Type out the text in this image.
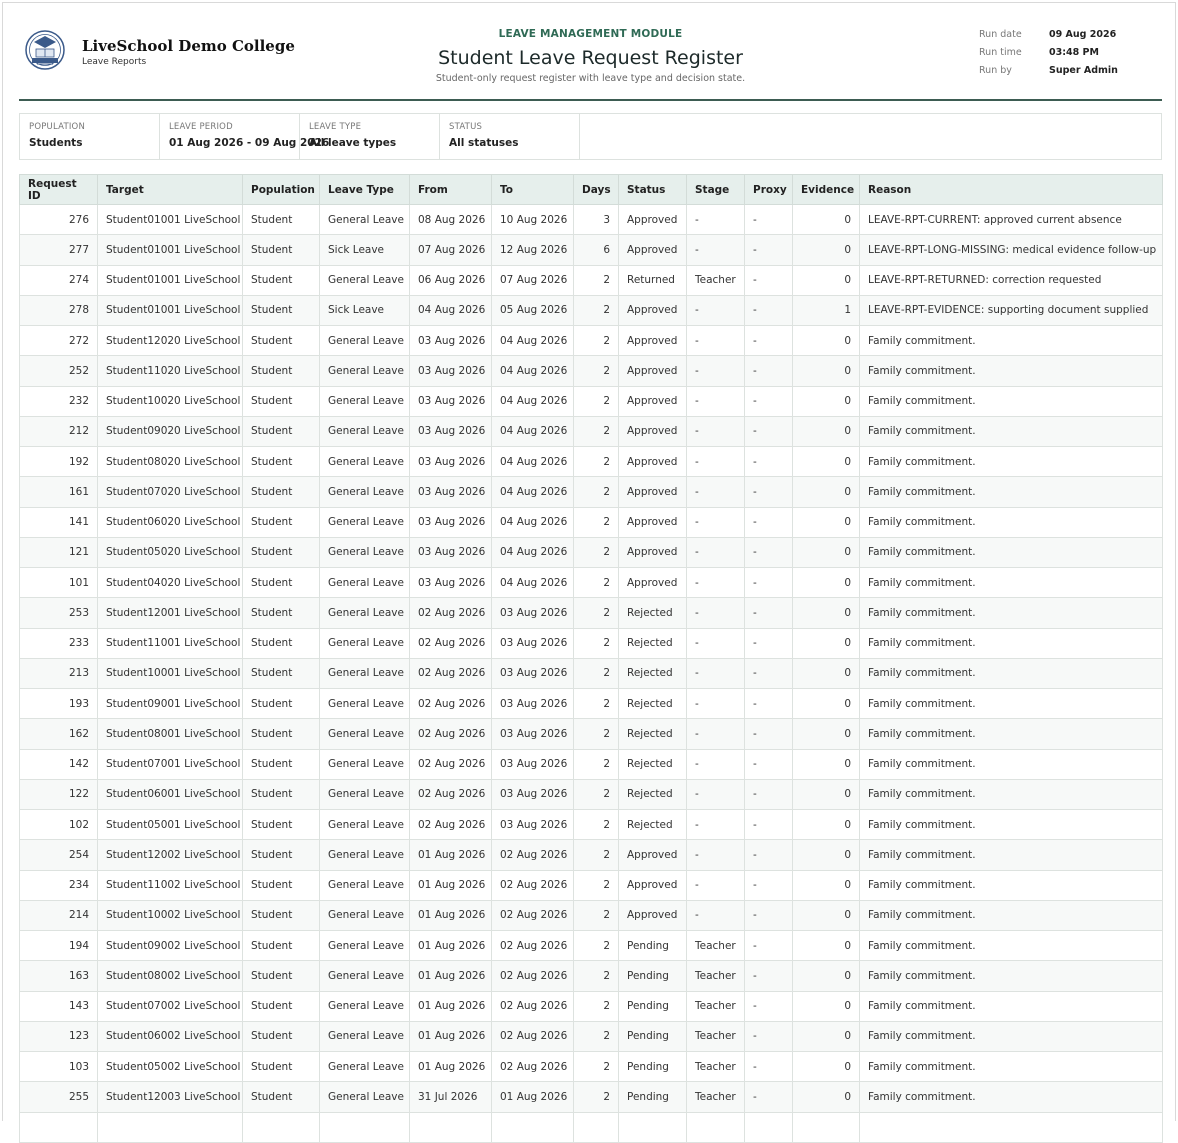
LiveSchool Demo College
Leave Reports
LEAVE MANAGEMENT MODULE
Student Leave Request Register
Student-only request register with leave type and decision state.
Run date	09 Aug 2026
Run time	03:48 PM
Run by	Super Admin
POPULATION
Students
LEAVE PERIOD
01 Aug 2026 - 09 Aug 2026
LEAVE TYPE
All leave types
STATUS
All statuses
Request ID	Target	Population	Leave Type	From	To	Days	Status	Stage	Proxy	Evidence	Reason
276	Student01001 LiveSchool	Student	General Leave	08 Aug 2026	10 Aug 2026	3	Approved	-	-	0	LEAVE-RPT-CURRENT: approved current absence
277	Student01001 LiveSchool	Student	Sick Leave	07 Aug 2026	12 Aug 2026	6	Approved	-	-	0	LEAVE-RPT-LONG-MISSING: medical evidence follow-up
274	Student01001 LiveSchool	Student	General Leave	06 Aug 2026	07 Aug 2026	2	Returned	Teacher	-	0	LEAVE-RPT-RETURNED: correction requested
278	Student01001 LiveSchool	Student	Sick Leave	04 Aug 2026	05 Aug 2026	2	Approved	-	-	1	LEAVE-RPT-EVIDENCE: supporting document supplied
272	Student12020 LiveSchool	Student	General Leave	03 Aug 2026	04 Aug 2026	2	Approved	-	-	0	Family commitment.
252	Student11020 LiveSchool	Student	General Leave	03 Aug 2026	04 Aug 2026	2	Approved	-	-	0	Family commitment.
232	Student10020 LiveSchool	Student	General Leave	03 Aug 2026	04 Aug 2026	2	Approved	-	-	0	Family commitment.
212	Student09020 LiveSchool	Student	General Leave	03 Aug 2026	04 Aug 2026	2	Approved	-	-	0	Family commitment.
192	Student08020 LiveSchool	Student	General Leave	03 Aug 2026	04 Aug 2026	2	Approved	-	-	0	Family commitment.
161	Student07020 LiveSchool	Student	General Leave	03 Aug 2026	04 Aug 2026	2	Approved	-	-	0	Family commitment.
141	Student06020 LiveSchool	Student	General Leave	03 Aug 2026	04 Aug 2026	2	Approved	-	-	0	Family commitment.
121	Student05020 LiveSchool	Student	General Leave	03 Aug 2026	04 Aug 2026	2	Approved	-	-	0	Family commitment.
101	Student04020 LiveSchool	Student	General Leave	03 Aug 2026	04 Aug 2026	2	Approved	-	-	0	Family commitment.
253	Student12001 LiveSchool	Student	General Leave	02 Aug 2026	03 Aug 2026	2	Rejected	-	-	0	Family commitment.
233	Student11001 LiveSchool	Student	General Leave	02 Aug 2026	03 Aug 2026	2	Rejected	-	-	0	Family commitment.
213	Student10001 LiveSchool	Student	General Leave	02 Aug 2026	03 Aug 2026	2	Rejected	-	-	0	Family commitment.
193	Student09001 LiveSchool	Student	General Leave	02 Aug 2026	03 Aug 2026	2	Rejected	-	-	0	Family commitment.
162	Student08001 LiveSchool	Student	General Leave	02 Aug 2026	03 Aug 2026	2	Rejected	-	-	0	Family commitment.
142	Student07001 LiveSchool	Student	General Leave	02 Aug 2026	03 Aug 2026	2	Rejected	-	-	0	Family commitment.
122	Student06001 LiveSchool	Student	General Leave	02 Aug 2026	03 Aug 2026	2	Rejected	-	-	0	Family commitment.
102	Student05001 LiveSchool	Student	General Leave	02 Aug 2026	03 Aug 2026	2	Rejected	-	-	0	Family commitment.
254	Student12002 LiveSchool	Student	General Leave	01 Aug 2026	02 Aug 2026	2	Approved	-	-	0	Family commitment.
234	Student11002 LiveSchool	Student	General Leave	01 Aug 2026	02 Aug 2026	2	Approved	-	-	0	Family commitment.
214	Student10002 LiveSchool	Student	General Leave	01 Aug 2026	02 Aug 2026	2	Approved	-	-	0	Family commitment.
194	Student09002 LiveSchool	Student	General Leave	01 Aug 2026	02 Aug 2026	2	Pending	Teacher	-	0	Family commitment.
163	Student08002 LiveSchool	Student	General Leave	01 Aug 2026	02 Aug 2026	2	Pending	Teacher	-	0	Family commitment.
143	Student07002 LiveSchool	Student	General Leave	01 Aug 2026	02 Aug 2026	2	Pending	Teacher	-	0	Family commitment.
123	Student06002 LiveSchool	Student	General Leave	01 Aug 2026	02 Aug 2026	2	Pending	Teacher	-	0	Family commitment.
103	Student05002 LiveSchool	Student	General Leave	01 Aug 2026	02 Aug 2026	2	Pending	Teacher	-	0	Family commitment.
255	Student12003 LiveSchool	Student	General Leave	31 Jul 2026	01 Aug 2026	2	Pending	Teacher	-	0	Family commitment.
